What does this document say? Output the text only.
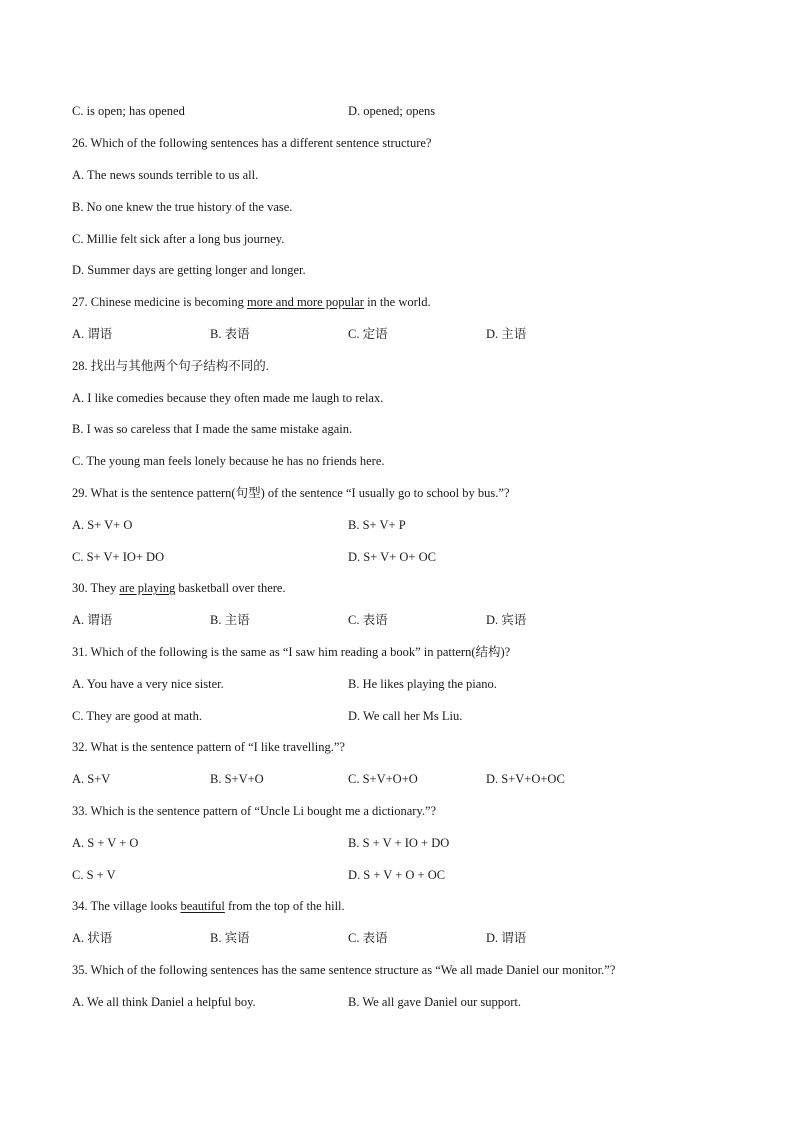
C. is open; has opened	D. opened; opens
26. Which of the following sentences has a different sentence structure?
A. The news sounds terrible to us all.
B. No one knew the true history of the vase.
C. Millie felt sick after a long bus journey.
D. Summer days are getting longer and longer.
27. Chinese medicine is becoming more and more popular in the world.
A. 谓语	B. 表语	C. 定语	D. 主语
28. 找出与其他两个句子结构不同的.
A. I like comedies because they often made me laugh to relax.
B. I was so careless that I made the same mistake again.
C. The young man feels lonely because he has no friends here.
29. What is the sentence pattern(句型) of the sentence “I usually go to school by bus.”?
A. S+ V+ O	B. S+ V+ P
C. S+ V+ IO+ DO	D. S+ V+ O+ OC
30. They are playing basketball over there.
A. 谓语	B. 主语	C. 表语	D. 宾语
31. Which of the following is the same as “I saw him reading a book” in pattern(结构)?
A. You have a very nice sister.	B. He likes playing the piano.
C. They are good at math.	D. We call her Ms Liu.
32. What is the sentence pattern of “I like travelling.”?
A. S+V	B. S+V+O	C. S+V+O+O	D. S+V+O+OC
33. Which is the sentence pattern of “Uncle Li bought me a dictionary.”?
A. S + V + O	B. S + V + IO + DO
C. S + V	D. S + V + O + OC
34. The village looks beautiful from the top of the hill.
A. 状语	B. 宾语	C. 表语	D. 谓语
35. Which of the following sentences has the same sentence structure as “We all made Daniel our monitor.”?
A. We all think Daniel a helpful boy.	B. We all gave Daniel our support.
